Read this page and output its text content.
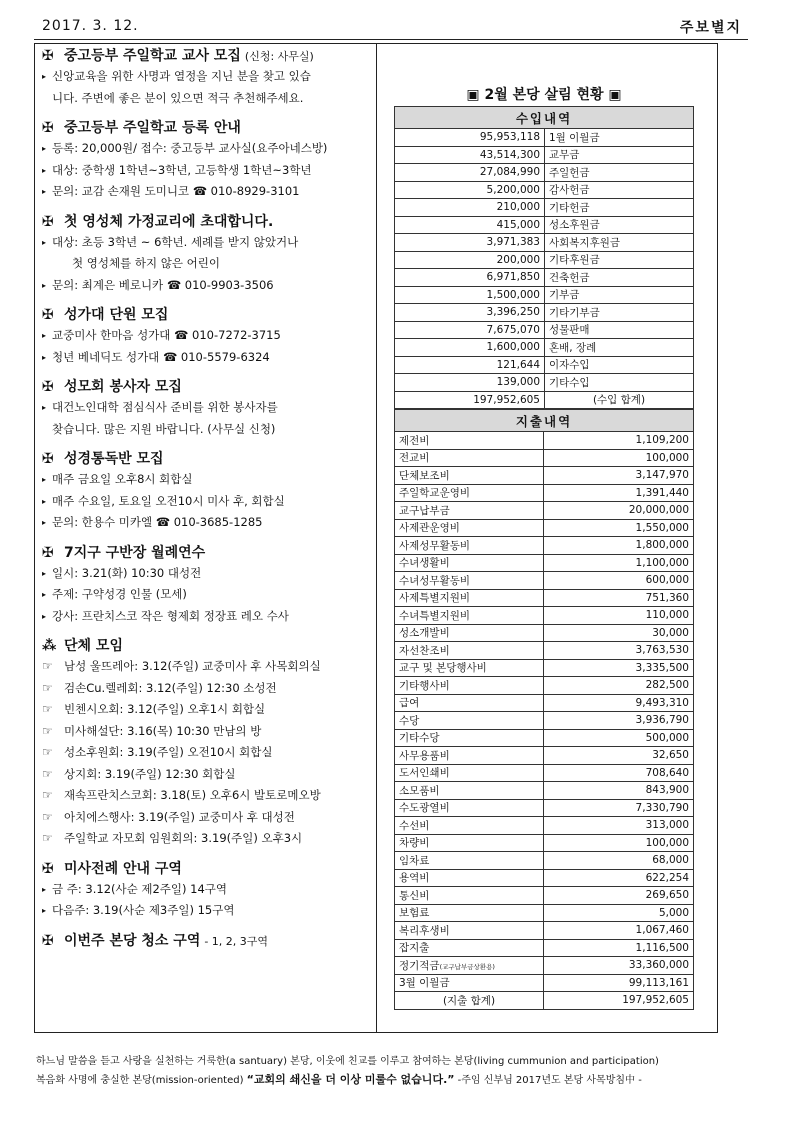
2017. 3. 12.	주보별지
✠ 중고등부 주일학교 교사 모집 (신청: 사무실)
▸ 신앙교육을 위한 사명과 열정을 지닌 분을 찾고 있습
니다. 주변에 좋은 분이 있으면 적극 추천해주세요.
✠ 중고등부 주일학교 등록 안내
▸ 등록: 20,000원/ 접수: 중고등부 교사실(요주아네스방)
▸ 대상: 중학생 1학년~3학년, 고등학생 1학년~3학년
▸ 문의: 교감 손재원 도미니코 ☎ 010-8929-3101
✠ 첫 영성체 가정교리에 초대합니다.
▸ 대상: 초등 3학년 ~ 6학년. 세례를 받지 않았거나
첫 영성체를 하지 않은 어린이
▸ 문의: 최계은 베로니카 ☎ 010-9903-3506
✠ 성가대 단원 모집
▸ 교중미사 한마음 성가대 ☎ 010-7272-3715
▸ 청년 베네딕도 성가대 ☎ 010-5579-6324
✠ 성모회 봉사자 모집
▸ 대건노인대학 점심식사 준비를 위한 봉사자를
찾습니다. 많은 지원 바랍니다. (사무실 신청)
✠ 성경통독반 모집
▸ 매주 금요일 오후8시 회합실
▸ 매주 수요일, 토요일 오전10시 미사 후, 회합실
▸ 문의: 한용수 미카엘 ☎ 010-3685-1285
✠ 7지구 구반장 월례연수
▸ 일시: 3.21(화) 10:30 대성전
▸ 주제: 구약성경 인물 (모세)
▸ 강사: 프란치스코 작은 형제회 정장표 레오 수사
⁂ 단체 모임
☞ 남성 울뜨레아: 3.12(주일) 교중미사 후 사목회의실
☞ 검손Cu.렐레회: 3.12(주일) 12:30 소성전
☞ 빈첸시오회: 3.12(주일) 오후1시 회합실
☞ 미사해설단: 3.16(목) 10:30 만남의 방
☞ 성소후원회: 3.19(주일) 오전10시 회합실
☞ 상지회: 3.19(주일) 12:30 회합실
☞ 재속프란치스코회: 3.18(토) 오후6시 발토로메오방
☞ 아치에스행사: 3.19(주일) 교중미사 후 대성전
☞ 주일학교 자모회 임원회의: 3.19(주일) 오후3시
✠ 미사전례 안내 구역
▸ 금 주: 3.12(사순 제2주일) 14구역
▸ 다음주: 3.19(사순 제3주일) 15구역
✠ 이번주 본당 청소 구역 - 1, 2, 3구역
▣ 2월 본당 살림 현황 ▣
수입내역	
95,953,118	1월 이월금
43,514,300	교무금
27,084,990	주일헌금
5,200,000	감사헌금
210,000	기타헌금
415,000	성소후원금
3,971,383	사회복지후원금
200,000	기타후원금
6,971,850	건축헌금
1,500,000	기부금
3,396,250	기타기부금
7,675,070	성물판매
1,600,000	혼배, 장례
121,644	이자수입
139,000	기타수입
197,952,605	(수입 합계)
지출내역	
제전비	1,109,200
전교비	100,000
단체보조비	3,147,970
주일학교운영비	1,391,440
교구납부금	20,000,000
사제관운영비	1,550,000
사제성무활동비	1,800,000
수녀생활비	1,100,000
수녀성무활동비	600,000
사제특별지원비	751,360
수녀특별지원비	110,000
성소개발비	30,000
자선찬조비	3,763,530
교구 및 본당행사비	3,335,500
기타행사비	282,500
급여	9,493,310
수당	3,936,790
기타수당	500,000
사무용품비	32,650
도서인쇄비	708,640
소모품비	843,900
수도광열비	7,330,790
수선비	313,000
차량비	100,000
임차료	68,000
용역비	622,254
통신비	269,650
보험료	5,000
복리후생비	1,067,460
잡지출	1,116,500
정기적금(교구납부금상환용)	33,360,000
3월 이월금	99,113,161
(지출 합계)	197,952,605
하느님 말씀을 듣고 사랑을 실천하는 거룩한(a santuary) 본당, 이웃에 친교를 이루고 참여하는 본당(living cummunion and participation)
복음화 사명에 충실한 본당(mission-oriented) “교회의 쇄신을 더 이상 미룰수 없습니다.” -주임 신부님 2017년도 본당 사목방침中 -
